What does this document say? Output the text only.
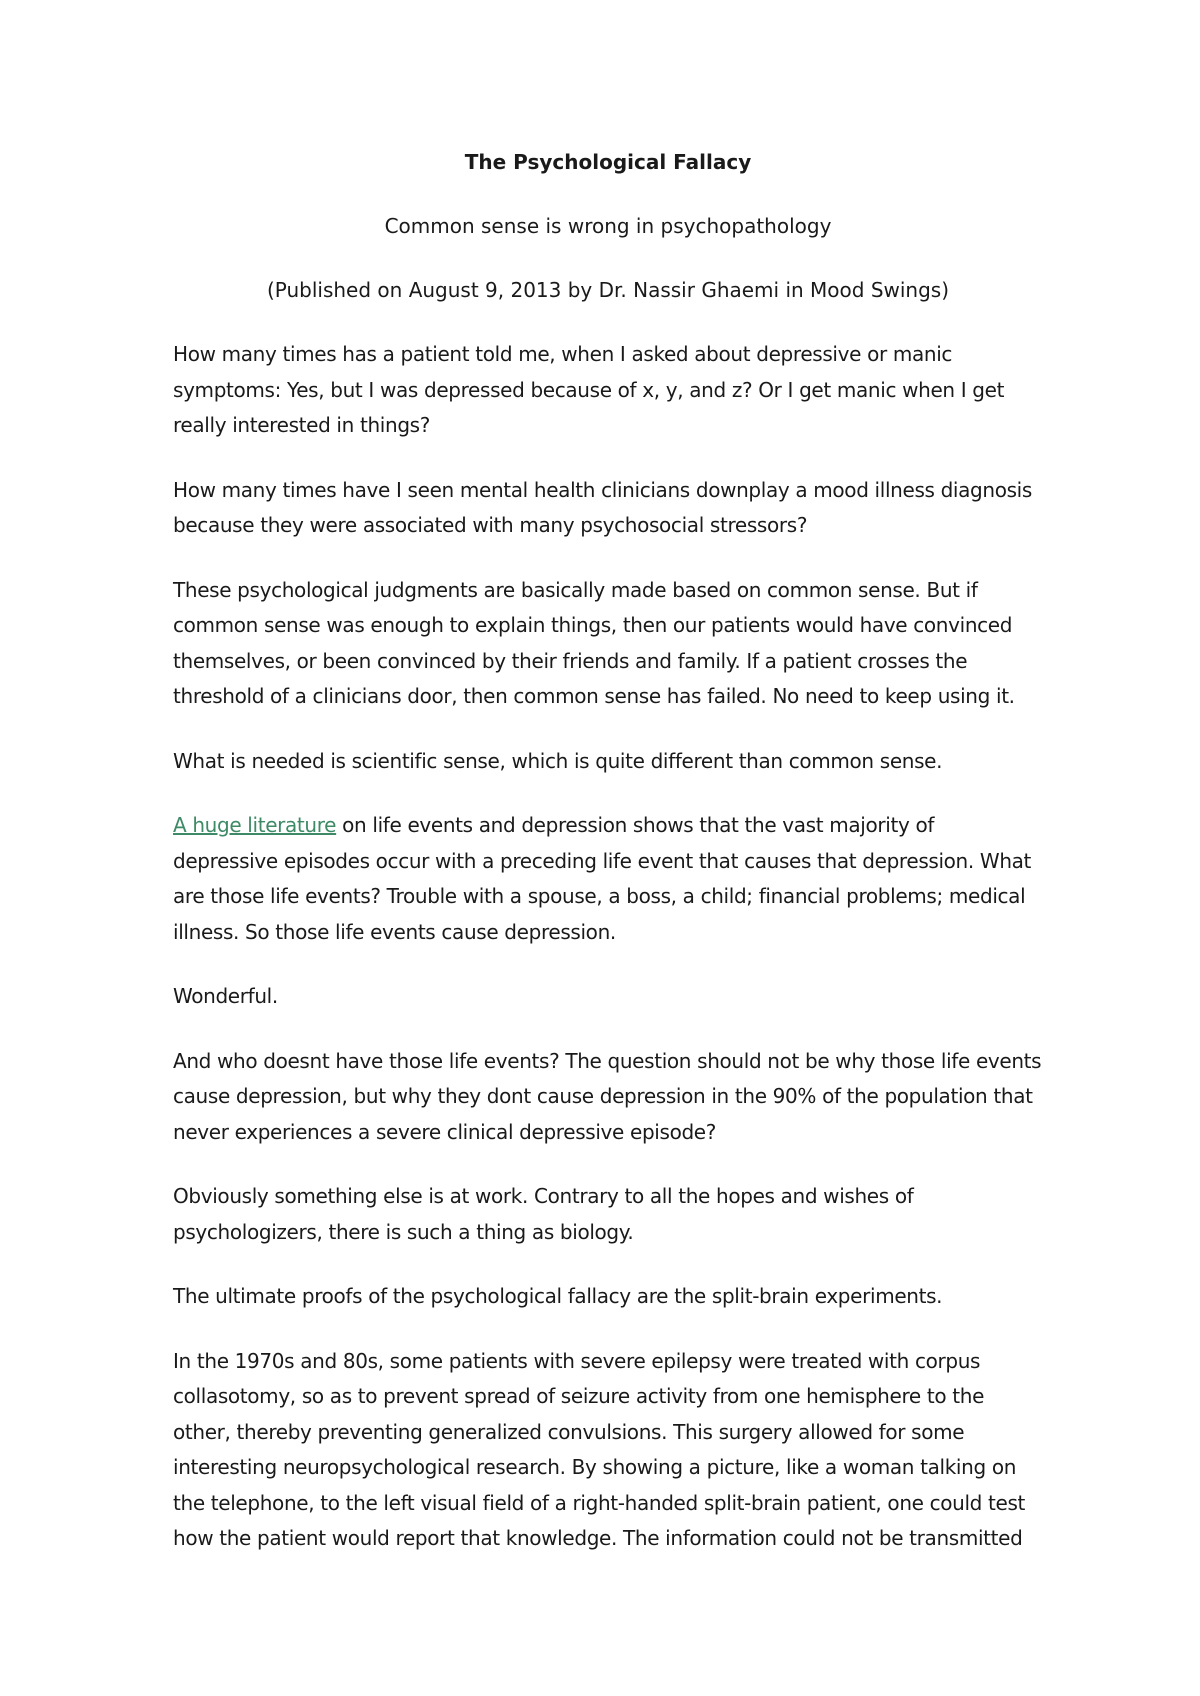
The Psychological Fallacy
Common sense is wrong in psychopathology
(Published on August 9, 2013 by Dr. Nassir Ghaemi in Mood Swings)

How many times has a patient told me, when I asked about depressive or manic symptoms: Yes, but I was depressed because of x, y, and z? Or I get manic when I get really interested in things?

How many times have I seen mental health clinicians downplay a mood illness diagnosis because they were associated with many psychosocial stressors?

These psychological judgments are basically made based on common sense. But if common sense was enough to explain things, then our patients would have convinced themselves, or been convinced by their friends and family. If a patient crosses the threshold of a clinicians door, then common sense has failed. No need to keep using it.

What is needed is scientific sense, which is quite different than common sense.

A huge literature on life events and depression shows that the vast majority of depressive episodes occur with a preceding life event that causes that depression. What are those life events? Trouble with a spouse, a boss, a child; financial problems; medical illness. So those life events cause depression.

Wonderful.

And who doesnt have those life events? The question should not be why those life events cause depression, but why they dont cause depression in the 90% of the population that never experiences a severe clinical depressive episode?

Obviously something else is at work. Contrary to all the hopes and wishes of psychologizers, there is such a thing as biology.

The ultimate proofs of the psychological fallacy are the split-brain experiments.

In the 1970s and 80s, some patients with severe epilepsy were treated with corpus collasotomy, so as to prevent spread of seizure activity from one hemisphere to the other, thereby preventing generalized convulsions. This surgery allowed for some interesting neuropsychological research. By showing a picture, like a woman talking on the telephone, to the left visual field of a right-handed split-brain patient, one could test how the patient would report that knowledge. The information could not be transmitted
